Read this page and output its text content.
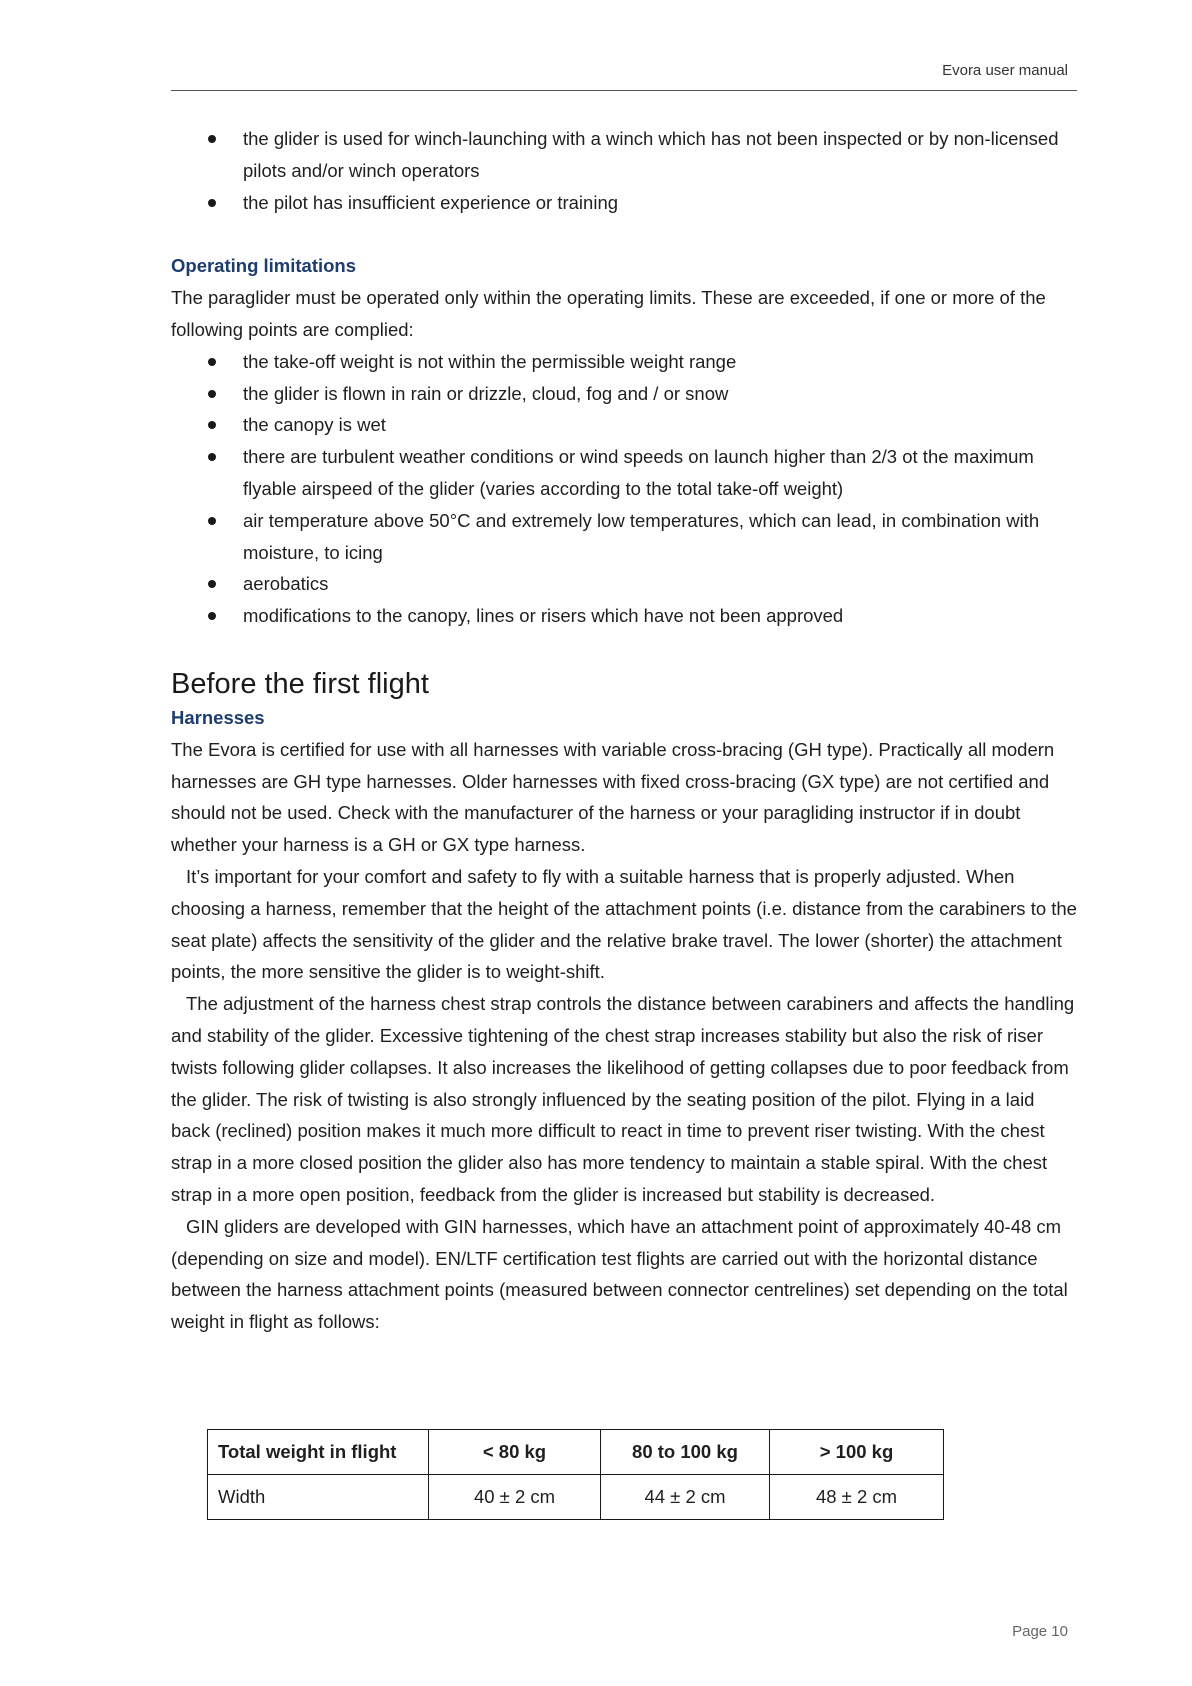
Evora user manual
the glider is used for winch-launching with a winch which has not been inspected or by non-licensed pilots and/or winch operators
the pilot has insufficient experience or training

Operating limitations

The paraglider must be operated only within the operating limits. These are exceeded, if one or more of the following points are complied:

the take-off weight is not within the permissible weight range
the glider is flown in rain or drizzle, cloud, fog and / or snow
the canopy is wet
there are turbulent weather conditions or wind speeds on launch higher than 2/3 ot the maximum flyable airspeed of the glider (varies according to the total take-off weight)
air temperature above 50°C and extremely low temperatures, which can lead, in combination with moisture, to icing
aerobatics
modifications to the canopy, lines or risers which have not been approved
Before the first flight

Harnesses

The Evora is certified for use with all harnesses with variable cross-bracing (GH type). Practically all modern harnesses are GH type harnesses. Older harnesses with fixed cross-bracing (GX type) are not certified and should not be used. Check with the manufacturer of the harness or your paragliding instructor if in doubt whether your harness is a GH or GX type harness.

It’s important for your comfort and safety to fly with a suitable harness that is properly adjusted. When choosing a harness, remember that the height of the attachment points (i.e. distance from the carabiners to the seat plate) affects the sensitivity of the glider and the relative brake travel. The lower (shorter) the attachment points, the more sensitive the glider is to weight-shift.

The adjustment of the harness chest strap controls the distance between carabiners and affects the handling and stability of the glider. Excessive tightening of the chest strap increases stability but also the risk of riser twists following glider collapses. It also increases the likelihood of getting collapses due to poor feedback from the glider. The risk of twisting is also strongly influenced by the seating position of the pilot. Flying in a laid back (reclined) position makes it much more difficult to react in time to prevent riser twisting. With the chest strap in a more closed position the glider also has more tendency to maintain a stable spiral. With the chest strap in a more open position, feedback from the glider is increased but stability is decreased.

GIN gliders are developed with GIN harnesses, which have an attachment point of approximately 40-48 cm (depending on size and model). EN/LTF certification test flights are carried out with the horizontal distance between the harness attachment points (measured between connector centrelines) set depending on the total weight in flight as follows:

Total weight in flight	< 80 kg	80 to 100 kg	> 100 kg
Width	40 ± 2 cm	44 ± 2 cm	48 ± 2 cm
Page 10
